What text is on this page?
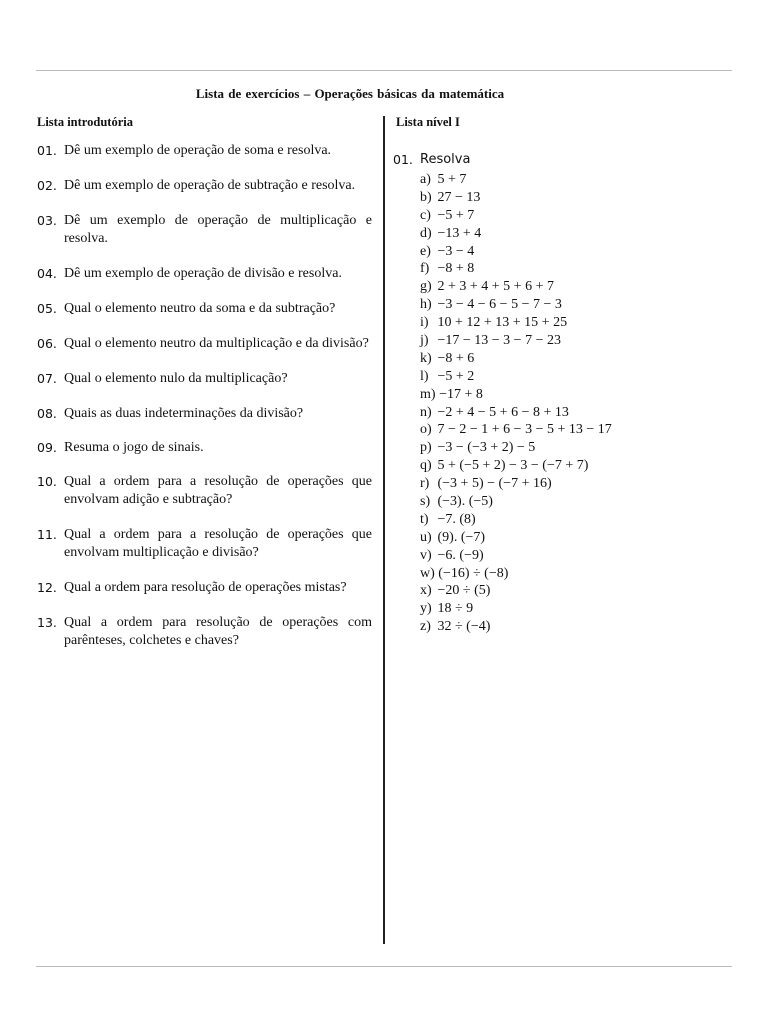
Lista de exercícios – Operações básicas da matemática
Lista introdutória	Lista nível I
01. Dê um exemplo de operação de soma e resolva.
02. Dê um exemplo de operação de subtração e resolva.
03. Dê um exemplo de operação de multiplicação e resolva.
04. Dê um exemplo de operação de divisão e resolva.
05. Qual o elemento neutro da soma e da subtração?
06. Qual o elemento neutro da multiplicação e da divisão?
07. Qual o elemento nulo da multiplicação?
08. Quais as duas indeterminações da divisão?
09. Resuma o jogo de sinais.
10. Qual a ordem para a resolução de operações que envolvam adição e subtração?
11. Qual a ordem para a resolução de operações que envolvam multiplicação e divisão?
12. Qual a ordem para resolução de operações mistas?
13. Qual a ordem para resolução de operações com parênteses, colchetes e chaves?
01. Resolva
a) 5 + 7
b) 27 − 13
c) −5 + 7
d) −13 + 4
e) −3 − 4
f) −8 + 8
g) 2 + 3 + 4 + 5 + 6 + 7
h) −3 − 4 − 6 − 5 − 7 − 3
i) 10 + 12 + 13 + 15 + 25
j) −17 − 13 − 3 − 7 − 23
k) −8 + 6
l) −5 + 2
m) −17 + 8
n) −2 + 4 − 5 + 6 − 8 + 13
o) 7 − 2 − 1 + 6 − 3 − 5 + 13 − 17
p) −3 − (−3 + 2) − 5
q) 5 + (−5 + 2) − 3 − (−7 + 7)
r) (−3 + 5) − (−7 + 16)
s) (−3). (−5)
t) −7. (8)
u) (9). (−7)
v) −6. (−9)
w) (−16) ÷ (−8)
x) −20 ÷ (5)
y) 18 ÷ 9
z) 32 ÷ (−4)
